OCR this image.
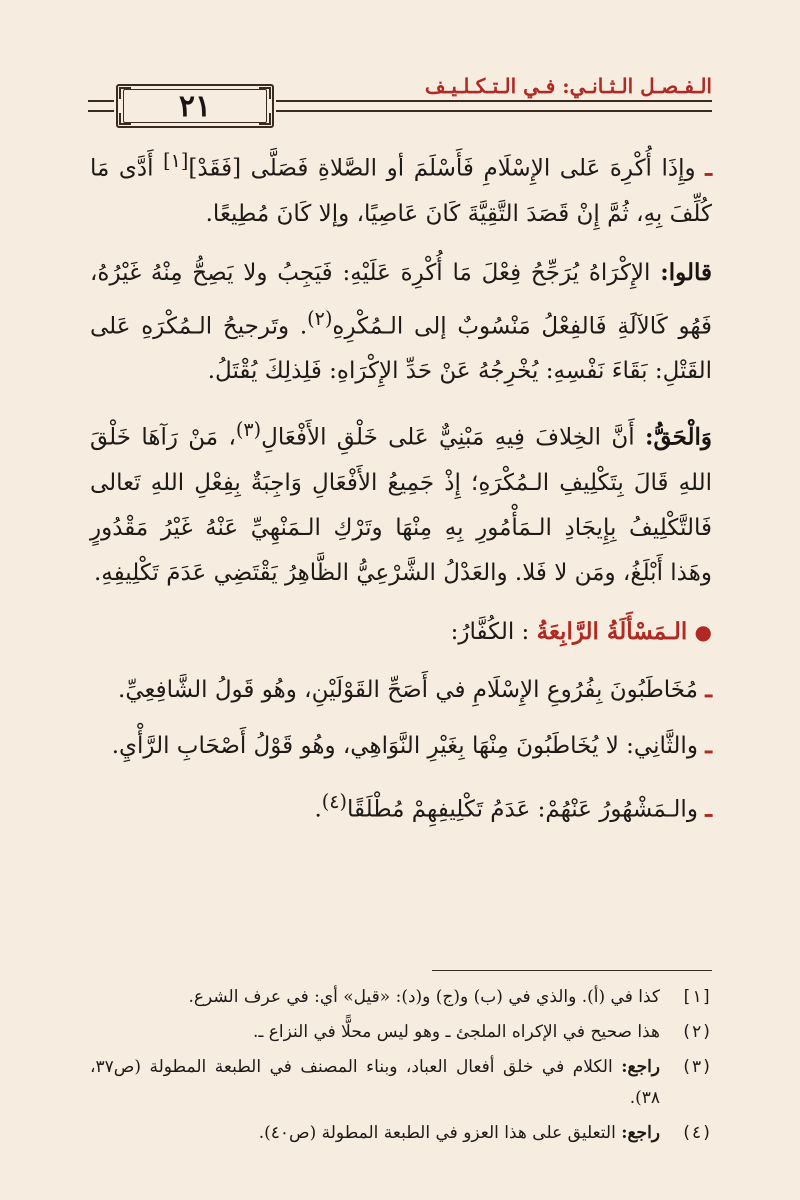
٢١
الـفـصـل الـثـانـي: فـي الـتـكـلـيـف

ـ وإِذَا أُكْرِهَ عَلى الإِسْلَامِ فَأَسْلَمَ أو الصَّلاةِ فَصَلَّى [فَقَدْ][١] أَدَّى مَا كُلِّفَ بِهِ، ثُمَّ إِنْ قَصَدَ التَّقِيَّةَ كَانَ عَاصِيًا، وإلا كَانَ مُطِيعًا.

قالوا: الإِكْرَاهُ يُرَجِّحُ فِعْلَ مَا أُكْرِهَ عَلَيْهِ: فَيَجِبُ ولا يَصِحُّ مِنْهُ غَيْرُهُ، فَهُو كَالآلَةِ فَالفِعْلُ مَنْسُوبٌ إلى الـمُكْرِهِ$^{(٢)}$. وتَرجيحُ الـمُكْرَهِ عَلى القَتْلِ: بَقَاءَ نَفْسِهِ: يُخْرِجُهُ عَنْ حَدِّ الإِكْرَاهِ: فَلِذلِكَ يُقْتَلُ.

وَالْحَقُّ: أَنَّ الخِلافَ فِيهِ مَبْنِيٌّ عَلى خَلْقِ الأَفْعَالِ$^{(٣)}$، مَنْ رَآهَا خَلْقَ اللهِ قَالَ بِتَكْلِيفِ الـمُكْرَهِ؛ إِذْ جَمِيعُ الأَفْعَالِ وَاجِبَةٌ بِفِعْلِ اللهِ تَعالى فَالتَّكْلِيفُ بِإِيجَادِ الـمَأْمُورِ بِهِ مِنْهَا وتَرْكِ الـمَنْهِيِّ عَنْهُ غَيْرُ مَقْدُورٍ وهَذا أَبْلَغُ، ومَن لا فَلا. والعَدْلُ الشَّرْعِيُّ الظَّاهِرُ يَقْتَضِي عَدَمَ تَكْلِيفِهِ.

● الـمَسْأَلَةُ الرَّابِعَةُ : الكُفَّارُ:

ـ مُخَاطَبُونَ بِفُرُوعِ الإِسْلَامِ في أَصَحِّ القَوْلَيْنِ، وهُو قَولُ الشَّافِعِيِّ.

ـ والثَّانِي: لا يُخَاطَبُونَ مِنْهَا بِغَيْرِ النَّوَاهِي، وهُو قَوْلُ أَصْحَابِ الرَّأْيِ.

ـ والـمَشْهُورُ عَنْهُمْ: عَدَمُ تَكْلِيفِهِمْ مُطْلَقًا$^{(٤)}$.

[١]
كذا في (أ). والذي في (ب) و(ج) و(د): «قيل» أي: في عرف الشرع.
(٢)
هذا صحيح في الإكراه الملجئ ـ وهو ليس محلًّا في النزاع ـ.
(٣)
راجع: الكلام في خلق أفعال العباد، وبناء المصنف في الطبعة المطولة (ص٣٧، ٣٨).
(٤)
راجع: التعليق على هذا العزو في الطبعة المطولة (ص٤٠).
